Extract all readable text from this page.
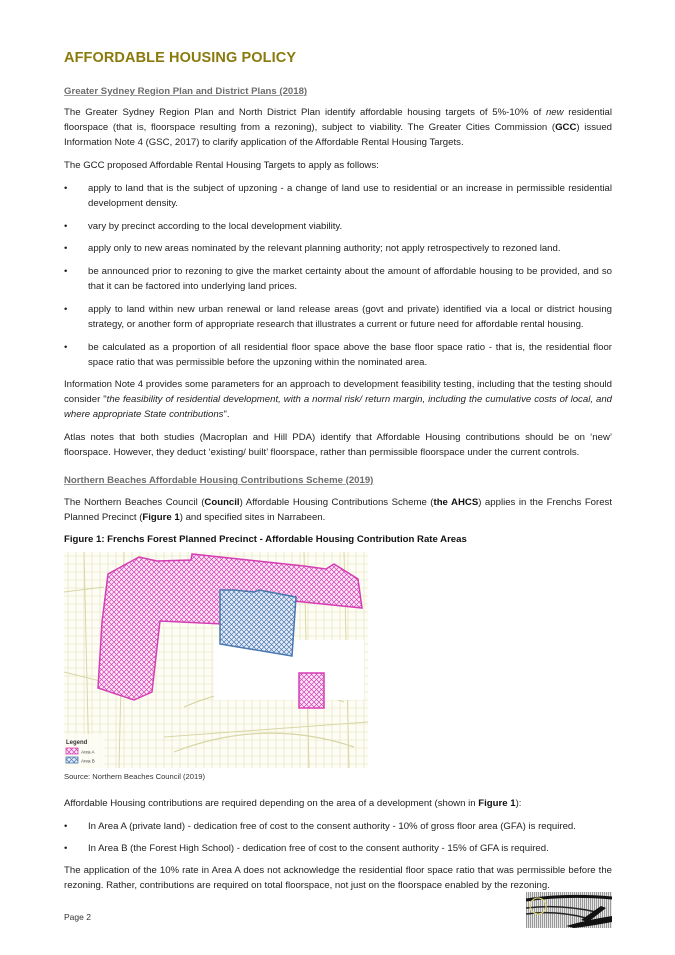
AFFORDABLE HOUSING POLICY
Greater Sydney Region Plan and District Plans (2018)

The Greater Sydney Region Plan and North District Plan identify affordable housing targets of 5%-10% of new residential floorspace (that is, floorspace resulting from a rezoning), subject to viability. The Greater Cities Commission (GCC) issued Information Note 4 (GSC, 2017) to clarify application of the Affordable Rental Housing Targets.

The GCC proposed Affordable Rental Housing Targets to apply as follows:

•	apply to land that is the subject of upzoning - a change of land use to residential or an increase in permissible residential development density.
•	vary by precinct according to the local development viability.
•	apply only to new areas nominated by the relevant planning authority; not apply retrospectively to rezoned land.
•	be announced prior to rezoning to give the market certainty about the amount of affordable housing to be provided, and so that it can be factored into underlying land prices.
•	apply to land within new urban renewal or land release areas (govt and private) identified via a local or district housing strategy, or another form of appropriate research that illustrates a current or future need for affordable rental housing.
•	be calculated as a proportion of all residential floor space above the base floor space ratio - that is, the residential floor space ratio that was permissible before the upzoning within the nominated area.

Information Note 4 provides some parameters for an approach to development feasibility testing, including that the testing should consider "the feasibility of residential development, with a normal risk/ return margin, including the cumulative costs of local, and where appropriate State contributions".

Atlas notes that both studies (Macroplan and Hill PDA) identify that Affordable Housing contributions should be on ‘new’ floorspace. However, they deduct ‘existing/ built’ floorspace, rather than permissible floorspace under the current controls.

Northern Beaches Affordable Housing Contributions Scheme (2019)

The Northern Beaches Council (Council) Affordable Housing Contributions Scheme (the AHCS) applies in the Frenchs Forest Planned Precinct (Figure 1) and specified sites in Narrabeen.

Figure 1: Frenchs Forest Planned Precinct - Affordable Housing Contribution Rate Areas
Legend
Area A
Area B
Source: Northern Beaches Council (2019)

Affordable Housing contributions are required depending on the area of a development (shown in Figure 1):

•	In Area A (private land) - dedication free of cost to the consent authority - 10% of gross floor area (GFA) is required.
•	In Area B (the Forest High School) - dedication free of cost to the consent authority - 15% of GFA is required.

The application of the 10% rate in Area A does not acknowledge the residential floor space ratio that was permissible before the rezoning. Rather, contributions are required on total floorspace, not just on the floorspace enabled by the rezoning.

Page 2
